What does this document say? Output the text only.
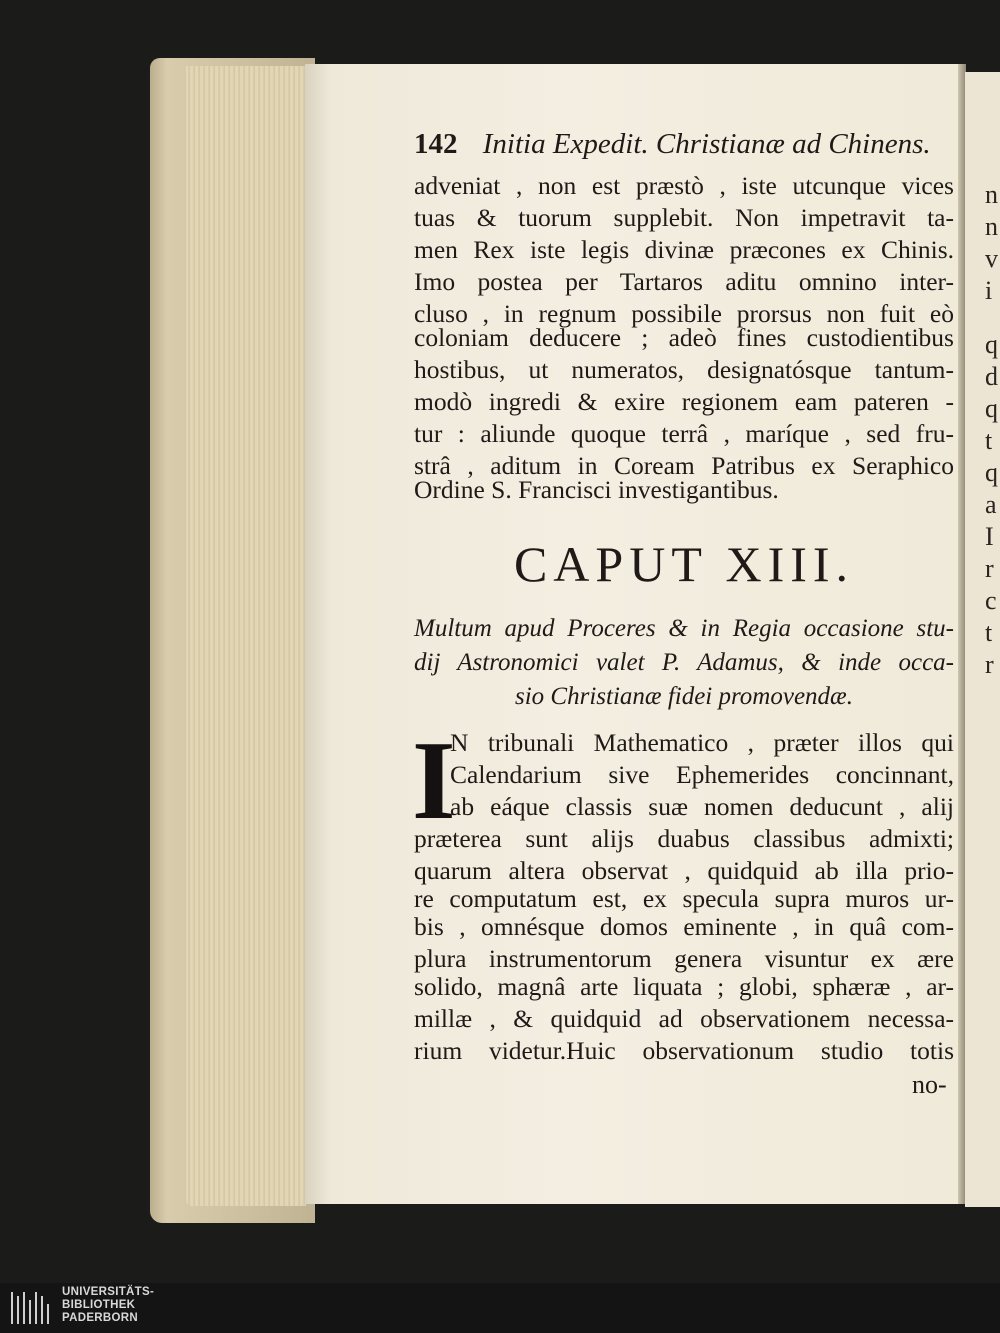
n
n
v
i
q
d
q
t
q
a
I
r
c
t
r
142 Initia Expedit. Christianæ ad Chinens.
adveniat , non est præstò , iste utcunque vices
tuas & tuorum supplebit. Non impetravit ta-
men Rex iste legis divinæ præcones ex Chinis.
Imo postea per Tartaros aditu omnino inter-
cluso , in regnum possibile prorsus non fuit eò
coloniam deducere ; adeò fines custodientibus
hostibus, ut numeratos, designatósque tantum-
modò ingredi & exire regionem eam pateren -
tur : aliunde quoque terrâ , maríque , sed fru-
strâ , aditum in Coream Patribus ex Seraphico
Ordine S. Francisci investigantibus.
CAPUT XIII.
Multum apud Proceres & in Regia occasione stu-
dij Astronomici valet P. Adamus, & inde occa-
sio Christianæ fidei promovendæ.
I
N tribunali Mathematico , præter illos qui
Calendarium sive Ephemerides concinnant,
ab eáque classis suæ nomen deducunt , alij
præterea sunt alijs duabus classibus admixti;
quarum altera observat , quidquid ab illa prio-
re computatum est, ex specula supra muros ur-
bis , omnésque domos eminente , in quâ com-
plura instrumentorum genera visuntur ex ære
solido, magnâ arte liquata ; globi, sphæræ , ar-
millæ , & quidquid ad observationem necessa-
rium videtur.Huic observationum studio totis
no-
UNIVERSITÄTS-
BIBLIOTHEK
PADERBORN
